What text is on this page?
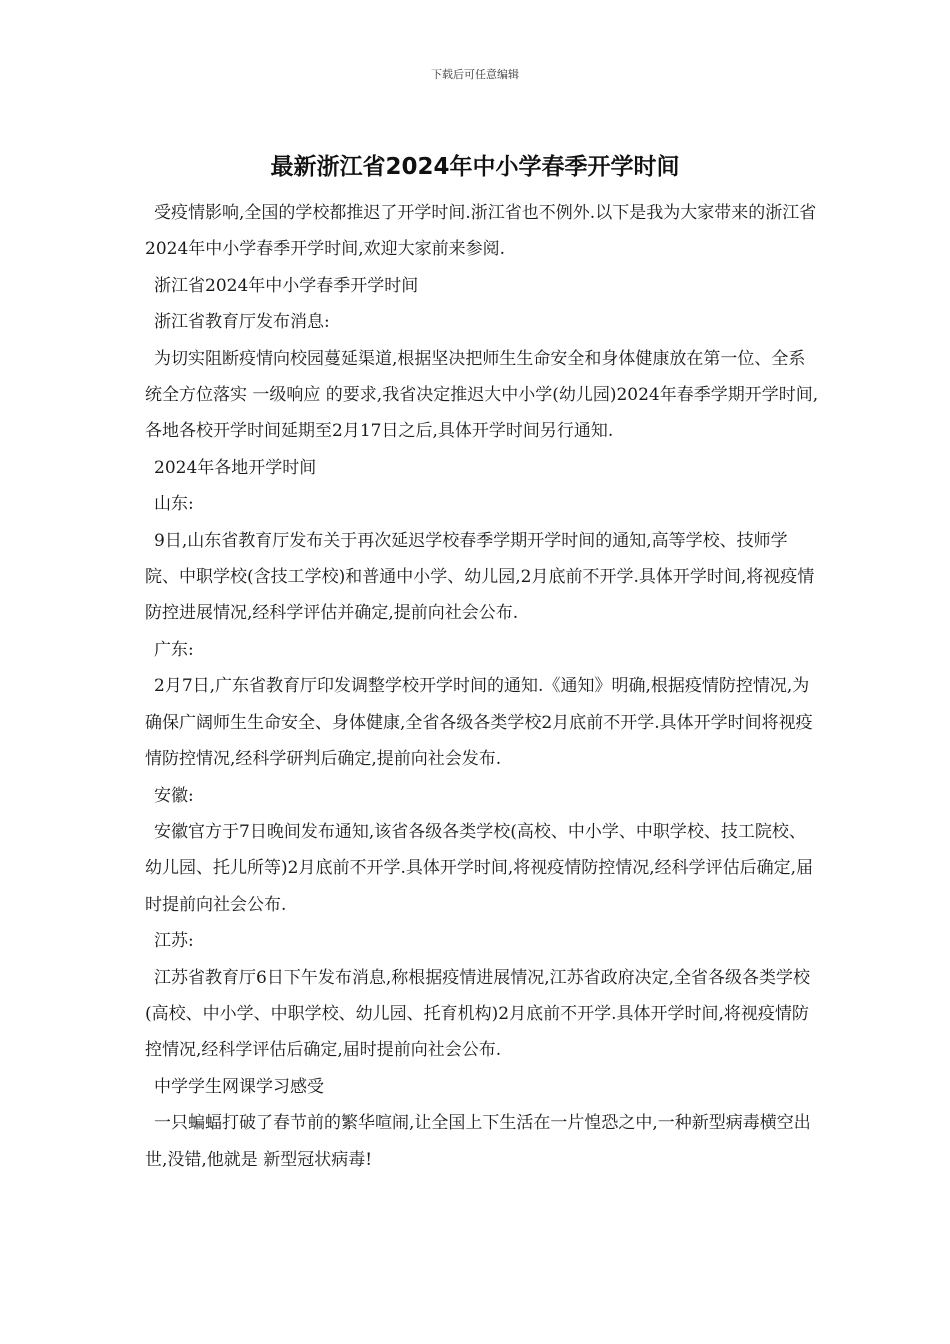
下载后可任意编辑
最新浙江省2024年中小学春季开学时间

受疫情影响,全国的学校都推迟了开学时间.浙江省也不例外.以下是我为大家带来的浙江省2024年中小学春季开学时间,欢迎大家前来参阅.

浙江省2024年中小学春季开学时间

浙江省教育厅发布消息:

为切实阻断疫情向校园蔓延渠道,根据坚决把师生生命安全和身体健康放在第一位、全系统全方位落实 一级响应 的要求,我省决定推迟大中小学(幼儿园)2024年春季学期开学时间,各地各校开学时间延期至2月17日之后,具体开学时间另行通知.

2024年各地开学时间

山东:

9日,山东省教育厅发布关于再次延迟学校春季学期开学时间的通知,高等学校、技师学院、中职学校(含技工学校)和普通中小学、幼儿园,2月底前不开学.具体开学时间,将视疫情防控进展情况,经科学评估并确定,提前向社会公布.

广东:

2月7日,广东省教育厅印发调整学校开学时间的通知.《通知》明确,根据疫情防控情况,为确保广阔师生生命安全、身体健康,全省各级各类学校2月底前不开学.具体开学时间将视疫情防控情况,经科学研判后确定,提前向社会发布.

安徽:

安徽官方于7日晚间发布通知,该省各级各类学校(高校、中小学、中职学校、技工院校、幼儿园、托儿所等)2月底前不开学.具体开学时间,将视疫情防控情况,经科学评估后确定,届时提前向社会公布.

江苏:

江苏省教育厅6日下午发布消息,称根据疫情进展情况,江苏省政府决定,全省各级各类学校(高校、中小学、中职学校、幼儿园、托育机构)2月底前不开学.具体开学时间,将视疫情防控情况,经科学评估后确定,届时提前向社会公布.

中学学生网课学习感受

一只蝙蝠打破了春节前的繁华喧闹,让全国上下生活在一片惶恐之中,一种新型病毒横空出世,没错,他就是 新型冠状病毒!
